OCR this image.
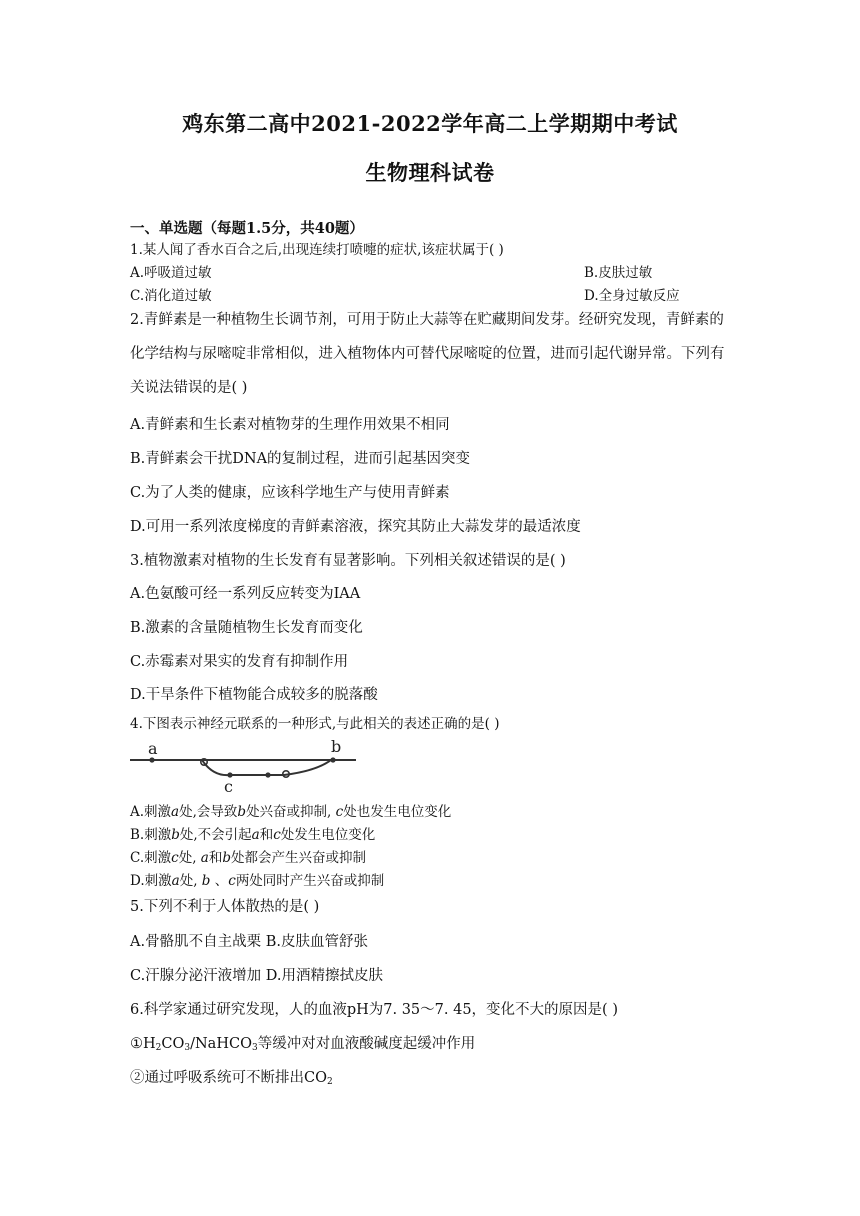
鸡东第二高中2021-2022学年高二上学期期中考试
生物理科试卷
一、单选题（每题1.5分，共40题）
1.某人闻了香水百合之后,出现连续打喷嚏的症状,该症状属于( )
A.呼吸道过敏	B.皮肤过敏
C.消化道过敏	D.全身过敏反应
2.青鲜素是一种植物生长调节剂，可用于防止大蒜等在贮藏期间发芽。经研究发现，青鲜素的化学结构与尿嘧啶非常相似，进入植物体内可替代尿嘧啶的位置，进而引起代谢异常。下列有关说法错误的是( )
A.青鲜素和生长素对植物芽的生理作用效果不相同
B.青鲜素会干扰DNA的复制过程，进而引起基因突变
C.为了人类的健康，应该科学地生产与使用青鲜素
D.可用一系列浓度梯度的青鲜素溶液，探究其防止大蒜发芽的最适浓度
3.植物激素对植物的生长发育有显著影响。下列相关叙述错误的是( )
A.色氨酸可经一系列反应转变为IAA
B.激素的含量随植物生长发育而变化
C.赤霉素对果实的发育有抑制作用
D.干旱条件下植物能合成较多的脱落酸
4.下图表示神经元联系的一种形式,与此相关的表述正确的是( )
a	b
c
A.刺激a处,会导致b处兴奋或抑制, c处也发生电位变化
B.刺激b处,不会引起a和c处发生电位变化
C.刺激c处, a和b处都会产生兴奋或抑制
D.刺激a处, b 、c两处同时产生兴奋或抑制
5.下列不利于人体散热的是( )
A.骨骼肌不自主战栗 B.皮肤血管舒张
C.汗腺分泌汗液增加 D.用酒精擦拭皮肤
6.科学家通过研究发现，人的血液pH为7. 35～7. 45，变化不大的原因是( )
$①H_2CO_3/NaHCO_3$等缓冲对对血液酸碱度起缓冲作用
②通过呼吸系统可不断排出$CO_2$
